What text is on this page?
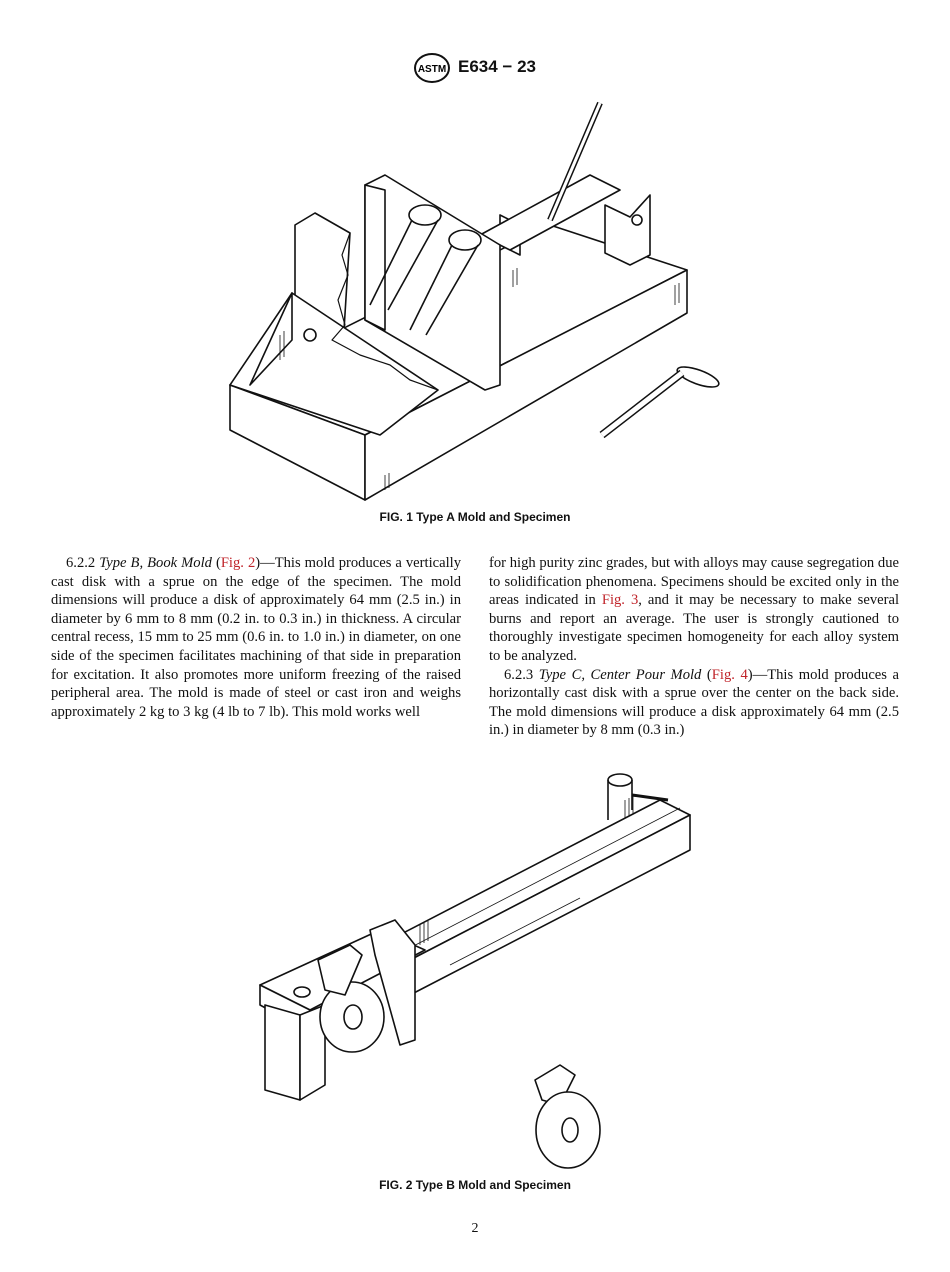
ASTM E634 − 23
FIG. 1 Type A Mold and Specimen

6.2.2 Type B, Book Mold (Fig. 2)—This mold produces a vertically cast disk with a sprue on the edge of the specimen. The mold dimensions will produce a disk of approximately 64 mm (2.5 in.) in diameter by 6 mm to 8 mm (0.2 in. to 0.3 in.) in thickness. A circular central recess, 15 mm to 25 mm (0.6 in. to 1.0 in.) in diameter, on one side of the specimen facilitates machining of that side in preparation for excitation. It also promotes more uniform freezing of the raised peripheral area. The mold is made of steel or cast iron and weighs approximately 2 kg to 3 kg (4 lb to 7 lb). This mold works well

for high purity zinc grades, but with alloys may cause segregation due to solidification phenomena. Specimens should be excited only in the areas indicated in Fig. 3, and it may be necessary to make several burns and report an average. The user is strongly cautioned to thoroughly investigate specimen homogeneity for each alloy system to be analyzed.

6.2.3 Type C, Center Pour Mold (Fig. 4)—This mold produces a horizontally cast disk with a sprue over the center on the back side. The mold dimensions will produce a disk approximately 64 mm (2.5 in.) in diameter by 8 mm (0.3 in.)

FIG. 2 Type B Mold and Specimen
2
